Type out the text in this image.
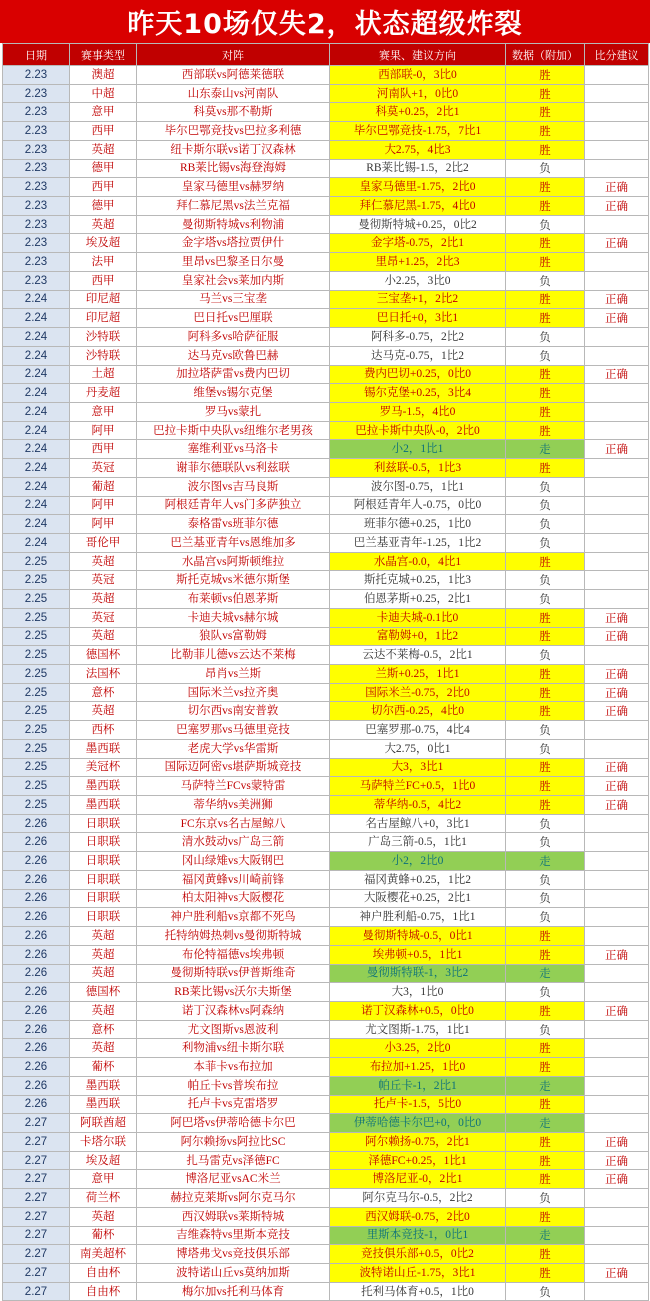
昨天10场仅失2，状态超级炸裂
日期	赛事类型	对阵	赛果、建议方向	数据（附加）	比分建议
2.23	澳超	西部联vs阿德莱德联	西部联-0，3比0	胜	
2.23	中超	山东泰山vs河南队	河南队+1，0比0	胜	
2.23	意甲	科莫vs那不勒斯	科莫+0.25，2比1	胜	
2.23	西甲	毕尔巴鄂竞技vs巴拉多利德	毕尔巴鄂竞技-1.75，7比1	胜	
2.23	英超	纽卡斯尔联vs诺丁汉森林	大2.75，4比3	胜	
2.23	德甲	RB莱比锡vs海登海姆	RB莱比锡-1.5，2比2	负	
2.23	西甲	皇家马德里vs赫罗纳	皇家马德里-1.75，2比0	胜	正确
2.23	德甲	拜仁慕尼黑vs法兰克福	拜仁慕尼黑-1.75，4比0	胜	正确
2.23	英超	曼彻斯特城vs利物浦	曼彻斯特城+0.25，0比2	负	
2.23	埃及超	金字塔vs塔拉贾伊什	金字塔-0.75，2比1	胜	正确
2.23	法甲	里昂vs巴黎圣日尔曼	里昂+1.25，2比3	胜	
2.23	西甲	皇家社会vs莱加内斯	小2.25，3比0	负	
2.24	印尼超	马兰vs三宝垄	三宝垄+1，2比2	胜	正确
2.24	印尼超	巴日托vs巴厘联	巴日托+0，3比1	胜	正确
2.24	沙特联	阿科多vs哈萨征服	阿科多-0.75，2比2	负	
2.24	沙特联	达马克vs欧鲁巴赫	达马克-0.75，1比2	负	
2.24	土超	加拉塔萨雷vs费内巴切	费内巴切+0.25，0比0	胜	正确
2.24	丹麦超	维堡vs锡尔克堡	锡尔克堡+0.25，3比4	胜	
2.24	意甲	罗马vs蒙扎	罗马-1.5，4比0	胜	
2.24	阿甲	巴拉卡斯中央队vs纽维尔老男孩	巴拉卡斯中央队-0，2比0	胜	
2.24	西甲	塞维利亚vs马洛卡	小2，1比1	走	正确
2.24	英冠	谢菲尔德联队vs利兹联	利兹联-0.5，1比3	胜	
2.24	葡超	波尔图vs吉马良斯	波尔图-0.75，1比1	负	
2.24	阿甲	阿根廷青年人vs门多萨独立	阿根廷青年人-0.75，0比0	负	
2.24	阿甲	泰格雷vs班菲尔德	班菲尔德+0.25，1比0	负	
2.24	哥伦甲	巴兰基亚青年vs恩维加多	巴兰基亚青年-1.25，1比2	负	
2.25	英超	水晶宫vs阿斯顿维拉	水晶宫-0.0，4比1	胜	
2.25	英冠	斯托克城vs米德尔斯堡	斯托克城+0.25，1比3	负	
2.25	英超	布莱顿vs伯恩茅斯	伯恩茅斯+0.25，2比1	负	
2.25	英冠	卡迪夫城vs赫尔城	卡迪夫城-0.1比0	胜	正确
2.25	英超	狼队vs富勒姆	富勒姆+0，1比2	胜	正确
2.25	德国杯	比勒菲儿德vs云达不莱梅	云达不莱梅-0.5，2比1	负	
2.25	法国杯	昂肖vs兰斯	兰斯+0.25，1比1	胜	正确
2.25	意杯	国际米兰vs拉齐奥	国际米兰-0.75，2比0	胜	正确
2.25	英超	切尔西vs南安普敦	切尔西-0.25，4比0	胜	正确
2.25	西杯	巴塞罗那vs马德里竞技	巴塞罗那-0.75，4比4	负	
2.25	墨西联	老虎大学vs华雷斯	大2.75，0比1	负	
2.25	美冠杯	国际迈阿密vs堪萨斯城竞技	大3，3比1	胜	正确
2.25	墨西联	马萨特兰FCvs蒙特雷	马萨特兰FC+0.5，1比0	胜	正确
2.25	墨西联	蒂华纳vs美洲狮	蒂华纳-0.5，4比2	胜	正确
2.26	日职联	FC东京vs名古屋鲸八	名古屋鲸八+0，3比1	负	
2.26	日职联	清水鼓动vs广岛三箭	广岛三箭-0.5，1比1	负	
2.26	日职联	冈山绿雉vs大阪钢巴	小2，2比0	走	
2.26	日职联	福冈黄蜂vs川崎前锋	福冈黄蜂+0.25，1比2	负	
2.26	日职联	柏太阳神vs大阪樱花	大阪樱花+0.25，2比1	负	
2.26	日职联	神户胜利船vs京都不死鸟	神户胜利船-0.75，1比1	负	
2.26	英超	托特纳姆热刺vs曼彻斯特城	曼彻斯特城-0.5，0比1	胜	
2.26	英超	布伦特福德vs埃弗顿	埃弗顿+0.5，1比1	胜	正确
2.26	英超	曼彻斯特联vs伊普斯维奇	曼彻斯特联-1，3比2	走	
2.26	德国杯	RB莱比锡vs沃尔夫斯堡	大3，1比0	负	
2.26	英超	诺丁汉森林vs阿森纳	诺丁汉森林+0.5，0比0	胜	正确
2.26	意杯	尤文图斯vs恩波利	尤文图斯-1.75，1比1	负	
2.26	英超	利物浦vs纽卡斯尔联	小3.25，2比0	胜	
2.26	葡杯	本菲卡vs布拉加	布拉加+1.25，1比0	胜	
2.26	墨西联	帕丘卡vs普埃布拉	帕丘卡-1，2比1	走	
2.26	墨西联	托卢卡vs克雷塔罗	托卢卡-1.5，5比0	胜	
2.27	阿联酋超	阿巴塔vs伊蒂哈德卡尔巴	伊蒂哈德卡尔巴+0，0比0	走	
2.27	卡塔尔联	阿尔赖扬vs阿拉比SC	阿尔赖扬-0.75，2比1	胜	正确
2.27	埃及超	扎马雷克vs泽德FC	泽德FC+0.25，1比1	胜	正确
2.27	意甲	博洛尼亚vsAC米兰	博洛尼亚-0，2比1	胜	正确
2.27	荷兰杯	赫拉克莱斯vs阿尔克马尔	阿尔克马尔-0.5，2比2	负	
2.27	英超	西汉姆联vs莱斯特城	西汉姆联-0.75，2比0	胜	
2.27	葡杯	吉维森特vs里斯本竞技	里斯本竞技-1，0比1	走	
2.27	南美超杯	博塔弗戈vs竞技俱乐部	竞技俱乐部+0.5，0比2	胜	
2.27	自由杯	波特诺山丘vs莫纳加斯	波特诺山丘-1.75，3比1	胜	正确
2.27	自由杯	梅尔加vs托利马体育	托利马体育+0.5，1比0	负	
